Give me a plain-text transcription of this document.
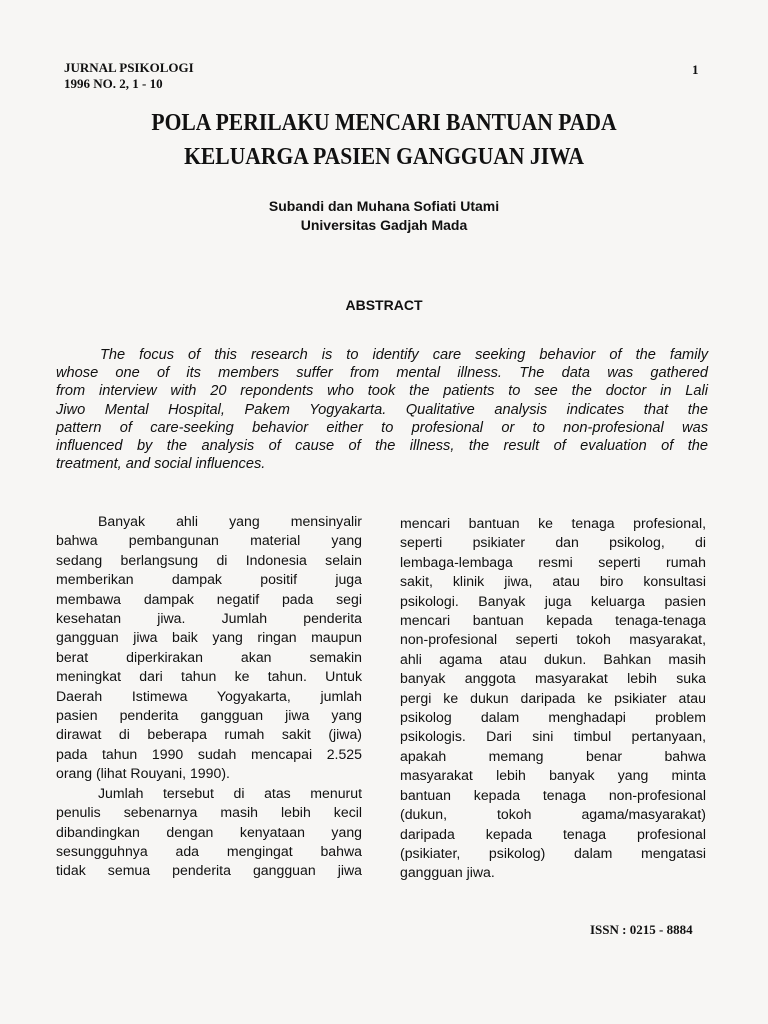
JURNAL PSIKOLOGI
1996 NO. 2, 1 - 10
1
POLA PERILAKU MENCARI BANTUAN PADA
KELUARGA PASIEN GANGGUAN JIWA
Subandi dan Muhana Sofiati Utami
Universitas Gadjah Mada
ABSTRACT
The focus of this research is to identify care seeking behavior of the family
whose one of its members suffer from mental illness. The data was gathered
from interview with 20 repondents who took the patients to see the doctor in Lali
Jiwo Mental Hospital, Pakem Yogyakarta. Qualitative analysis indicates that the
pattern of care-seeking behavior either to profesional or to non-profesional was
influenced by the analysis of cause of the illness, the result of evaluation of the
treatment, and social influences.
Banyak ahli yang mensinyalir
bahwa pembangunan material yang
sedang berlangsung di Indonesia selain
memberikan dampak positif juga
membawa dampak negatif pada segi
kesehatan jiwa. Jumlah penderita
gangguan jiwa baik yang ringan maupun
berat diperkirakan akan semakin
meningkat dari tahun ke tahun. Untuk
Daerah Istimewa Yogyakarta, jumlah
pasien penderita gangguan jiwa yang
dirawat di beberapa rumah sakit (jiwa)
pada tahun 1990 sudah mencapai 2.525
orang (lihat Rouyani, 1990).
Jumlah tersebut di atas menurut
penulis sebenarnya masih lebih kecil
dibandingkan dengan kenyataan yang
sesungguhnya ada mengingat bahwa
tidak semua penderita gangguan jiwa
mencari bantuan ke tenaga profesional,
seperti psikiater dan psikolog, di
lembaga-lembaga resmi seperti rumah
sakit, klinik jiwa, atau biro konsultasi
psikologi. Banyak juga keluarga pasien
mencari bantuan kepada tenaga-tenaga
non-profesional seperti tokoh masyarakat,
ahli agama atau dukun. Bahkan masih
banyak anggota masyarakat lebih suka
pergi ke dukun daripada ke psikiater atau
psikolog dalam menghadapi problem
psikologis. Dari sini timbul pertanyaan,
apakah memang benar bahwa
masyarakat lebih banyak yang minta
bantuan kepada tenaga non-profesional
(dukun, tokoh agama/masyarakat)
daripada kepada tenaga profesional
(psikiater, psikolog) dalam mengatasi
gangguan jiwa.
ISSN : 0215 - 8884
